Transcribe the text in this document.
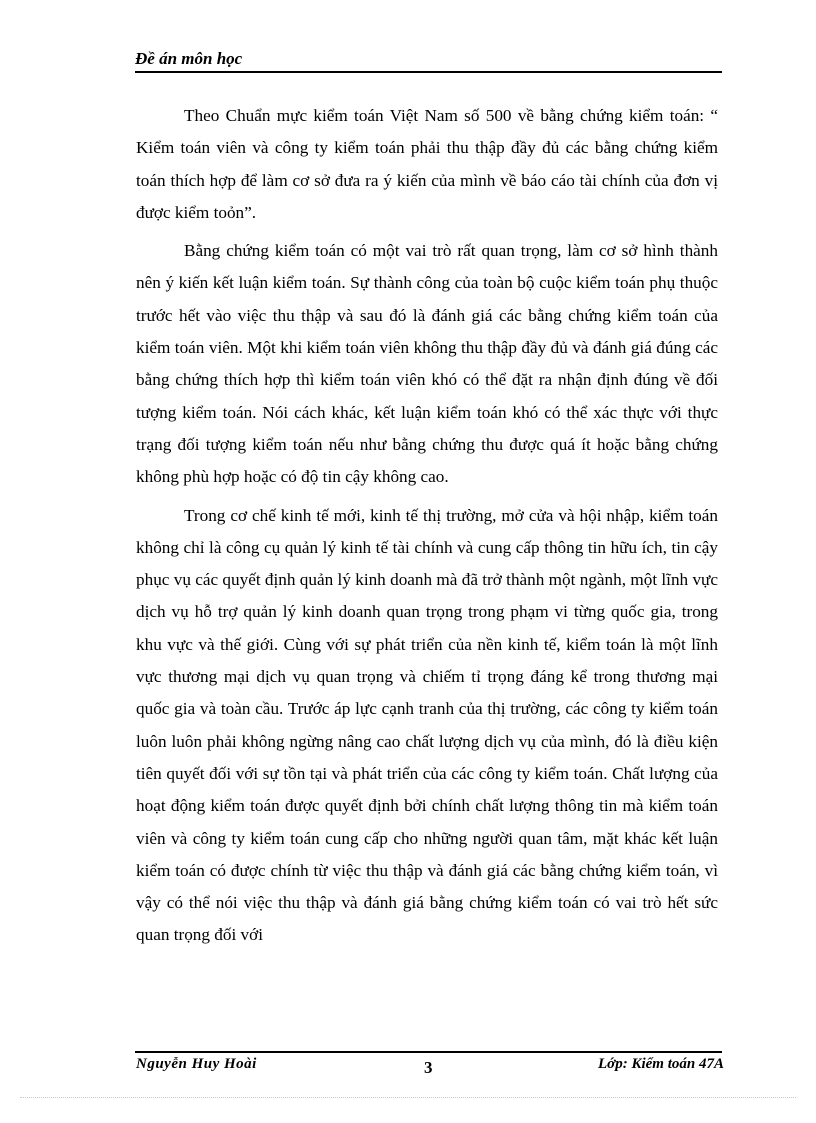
Đề án môn học

Theo Chuẩn mực kiểm toán Việt Nam số 500 về bằng chứng kiểm toán: “ Kiểm toán viên và công ty kiểm toán phải thu thập đầy đủ các bằng chứng kiểm toán thích hợp để làm cơ sở đưa ra ý kiến của mình về báo cáo tài chính của đơn vị được kiểm toỏn”.

Bằng chứng kiểm toán có một vai trò rất quan trọng, làm cơ sở hình thành nên ý kiến kết luận kiểm toán. Sự thành công của toàn bộ cuộc kiểm toán phụ thuộc trước hết vào việc thu thập và sau đó là đánh giá các bằng chứng kiểm toán của kiểm toán viên. Một khi kiểm toán viên không thu thập đầy đủ và đánh giá đúng các bằng chứng thích hợp thì kiểm toán viên khó có thể đặt ra nhận định đúng về đối tượng kiểm toán. Nói cách khác, kết luận kiểm toán khó có thể xác thực với thực trạng đối tượng kiểm toán nếu như bằng chứng thu được quá ít hoặc bằng chứng không phù hợp hoặc có độ tin cậy không cao.

Trong cơ chế kinh tế mới, kinh tế thị trường, mở cửa và hội nhập, kiểm toán không chỉ là công cụ quản lý kinh tế tài chính và cung cấp thông tin hữu ích, tin cậy phục vụ các quyết định quản lý kinh doanh mà đã trở thành một ngành, một lĩnh vực dịch vụ hỗ trợ quản lý kinh doanh quan trọng trong phạm vi từng quốc gia, trong khu vực và thế giới. Cùng với sự phát triển của nền kinh tế, kiểm toán là một lĩnh vực thương mại dịch vụ quan trọng và chiếm tỉ trọng đáng kể trong thương mại quốc gia và toàn cầu. Trước áp lực cạnh tranh của thị trường, các công ty kiểm toán luôn luôn phải không ngừng nâng cao chất lượng dịch vụ của mình, đó là điều kiện tiên quyết đối với sự tồn tại và phát triển của các công ty kiểm toán. Chất lượng của hoạt động kiểm toán được quyết định bởi chính chất lượng thông tin mà kiểm toán viên và công ty kiểm toán cung cấp cho những người quan tâm, mặt khác kết luận kiểm toán có được chính từ việc thu thập và đánh giá các bằng chứng kiểm toán, vì vậy có thể nói việc thu thập và đánh giá bằng chứng kiểm toán có vai trò hết sức quan trọng đối với

Nguyễn Huy Hoài	3	Lớp: Kiểm toán 47A
